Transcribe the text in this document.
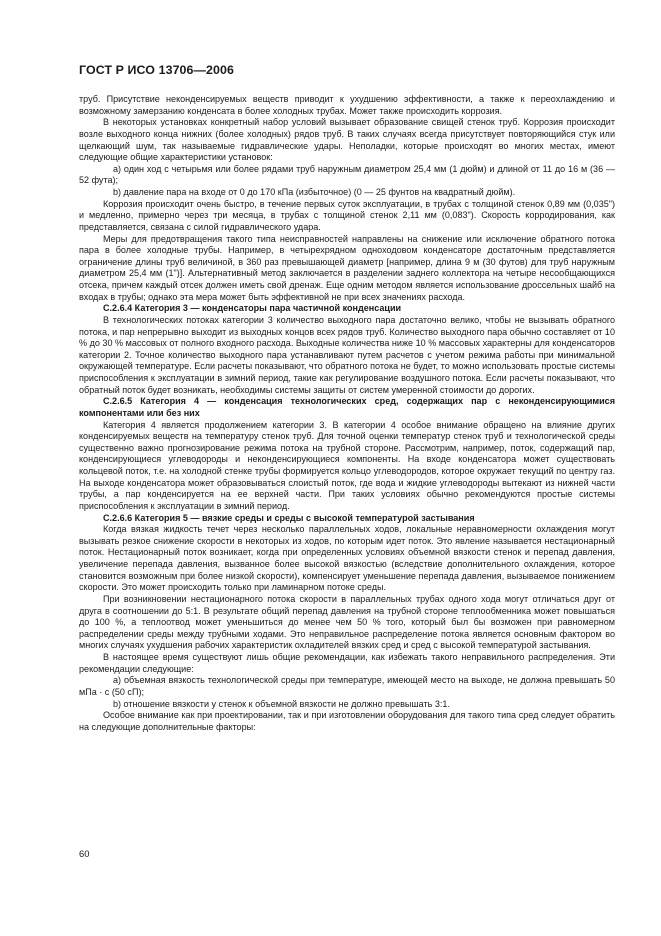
ГОСТ Р ИСО 13706—2006

труб. Присутствие неконденсируемых веществ приводит к ухудшению эффективности, а также к переохлаждению и возможному замерзанию конденсата в более холодных трубах. Может также происходить коррозия.

В некоторых установках конкретный набор условий вызывает образование свищей стенок труб. Коррозия происходит возле выходного конца нижних (более холодных) рядов труб. В таких случаях всегда присутствует повторяющийся стук или щелкающий шум, так называемые гидравлические удары. Неполадки, которые происходят во многих местах, имеют следующие общие характеристики установок:

a) один ход с четырьмя или более рядами труб наружным диаметром 25,4 мм (1 дюйм) и длиной от 11 до 16 м (36 — 52 фута);

b) давление пара на входе от 0 до 170 кПа (избыточное) (0 — 25 фунтов на квадратный дюйм).

Коррозия происходит очень быстро, в течение первых суток эксплуатации, в трубах с толщиной стенок 0,89 мм (0,035") и медленно, примерно через три месяца, в трубах с толщиной стенок 2,11 мм (0,083"). Скорость корродирования, как представляется, связана с силой гидравлического удара.

Меры для предотвращения такого типа неисправностей направлены на снижение или исключение обратного потока пара в более холодные трубы. Например, в четырехрядном одноходовом конденсаторе достаточным представляется ограничение длины труб величиной, в 360 раз превышающей диаметр [например, длина 9 м (30 футов) для труб наружным диаметром 25,4 мм (1")]. Альтернативный метод заключается в разделении заднего коллектора на четыре несообщающихся отсека, причем каждый отсек должен иметь свой дренаж. Еще одним методом является использование дроссельных шайб на входах в трубы; однако эта мера может быть эффективной не при всех значениях расхода.

С.2.6.4 Категория 3 — конденсаторы пара частичной конденсации

В технологических потоках категории 3 количество выходного пара достаточно велико, чтобы не вызывать обратного потока, и пар непрерывно выходит из выходных концов всех рядов труб. Количество выходного пара обычно составляет от 10 % до 30 % массовых от полного входного расхода. Выходные количества ниже 10 % массовых характерны для конденсаторов категории 2. Точное количество выходного пара устанавливают путем расчетов с учетом режима работы при минимальной окружающей температуре. Если расчеты показывают, что обратного потока не будет, то можно использовать простые системы приспособления к эксплуатации в зимний период, такие как регулирование воздушного потока. Если расчеты показывают, что обратный поток будет возникать, необходимы системы защиты от систем умеренной стоимости до дорогих.

С.2.6.5 Категория 4 — конденсация технологических сред, содержащих пар с неконденсирующимися компонентами или без них

Категория 4 является продолжением категории 3. В категории 4 особое внимание обращено на влияние других конденсируемых веществ на температуру стенок труб. Для точной оценки температур стенок труб и технологической среды существенно важно прогнозирование режима потока на трубной стороне. Рассмотрим, например, поток, содержащий пар, конденсирующиеся углеводороды и неконденсирующиеся компоненты. На входе конденсатора может существовать кольцевой поток, т.е. на холодной стенке трубы формируется кольцо углеводородов, которое окружает текущий по центру газ. На выходе конденсатора может образовываться слоистый поток, где вода и жидкие углеводороды вытекают из нижней части трубы, а пар конденсируется на ее верхней части. При таких условиях обычно рекомендуются простые системы приспособления к эксплуатации в зимний период.

С.2.6.6 Категория 5 — вязкие среды и среды с высокой температурой застывания

Когда вязкая жидкость течет через несколько параллельных ходов, локальные неравномерности охлаждения могут вызывать резкое снижение скорости в некоторых из ходов, по которым идет поток. Это явление называется нестационарный поток. Нестационарный поток возникает, когда при определенных условиях объемной вязкости стенок и перепад давления, увеличение перепада давления, вызванное более высокой вязкостью (вследствие дополнительного охлаждения, которое становится возможным при более низкой скорости), компенсирует уменьшение перепада давления, вызываемое понижением скорости. Это может происходить только при ламинарном потоке среды.

При возникновении нестационарного потока скорости в параллельных трубах одного хода могут отличаться друг от друга в соотношении до 5:1. В результате общий перепад давления на трубной стороне теплообменника может повышаться до 100 %, а теплоотвод может уменьшиться до менее чем 50 % того, который был бы возможен при равномерном распределении среды между трубными ходами. Это неправильное распределение потока является основным фактором во многих случаях ухудшения рабочих характеристик охладителей вязких сред и сред с высокой температурой застывания.

В настоящее время существуют лишь общие рекомендации, как избежать такого неправильного распределения. Эти рекомендации следующие:

a) объемная вязкость технологической среды при температуре, имеющей место на выходе, не должна превышать 50 мПа · с (50 сП);

b) отношение вязкости у стенок к объемной вязкости не должно превышать 3:1.

Особое внимание как при проектировании, так и при изготовлении оборудования для такого типа сред следует обратить на следующие дополнительные факторы:

60
